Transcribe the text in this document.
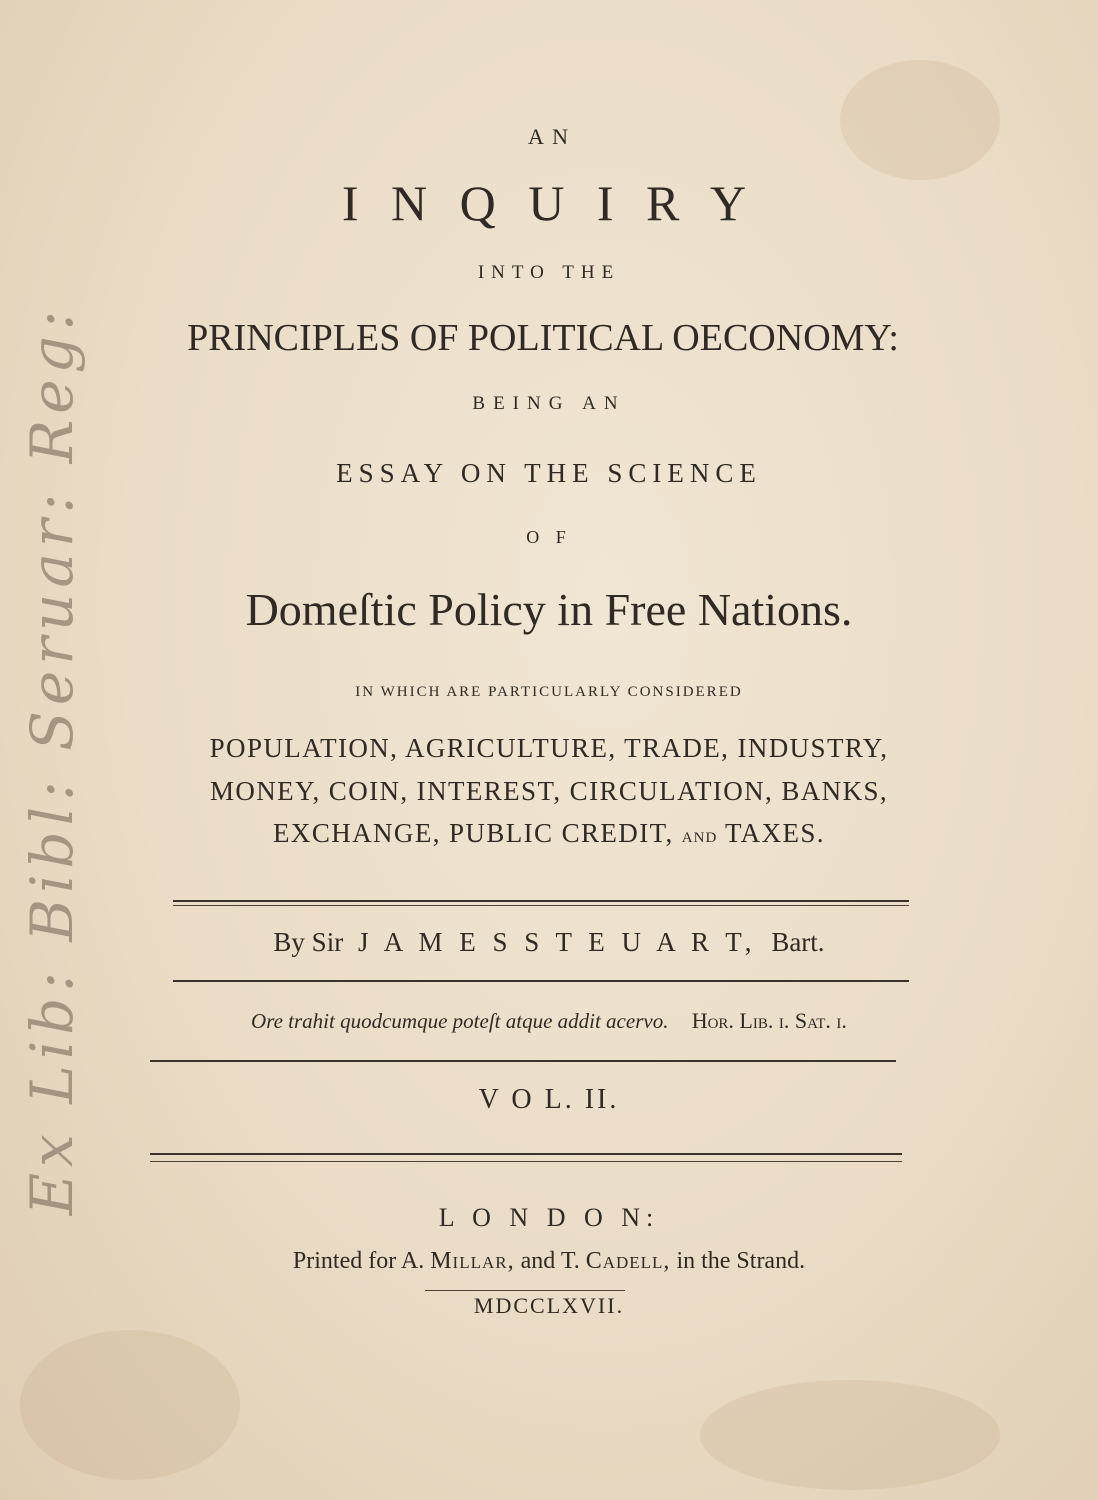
Ex Lib: Bibl: Seruar: Reg:
A N
I N Q U I R Y
INTO THE
PRINCIPLES OF POLITICAL OECONOMY:
BEING AN
ESSAY ON THE SCIENCE
O F
Domeſtic Policy in Free Nations.
IN WHICH ARE PARTICULARLY CONSIDERED
POPULATION, AGRICULTURE, TRADE, INDUSTRY,
MONEY, COIN, INTEREST, CIRCULATION, BANKS,
EXCHANGE, PUBLIC CREDIT, AND TAXES.
By Sir J A M E S S T E U A R T, Bart.
Ore trahit quodcumque poteſt atque addit acervo. Hor. Lib. i. Sat. i.
V O L. II.
L O N D O N:
Printed for A. Millar, and T. Cadell, in the Strand.
MDCCLXVII.
